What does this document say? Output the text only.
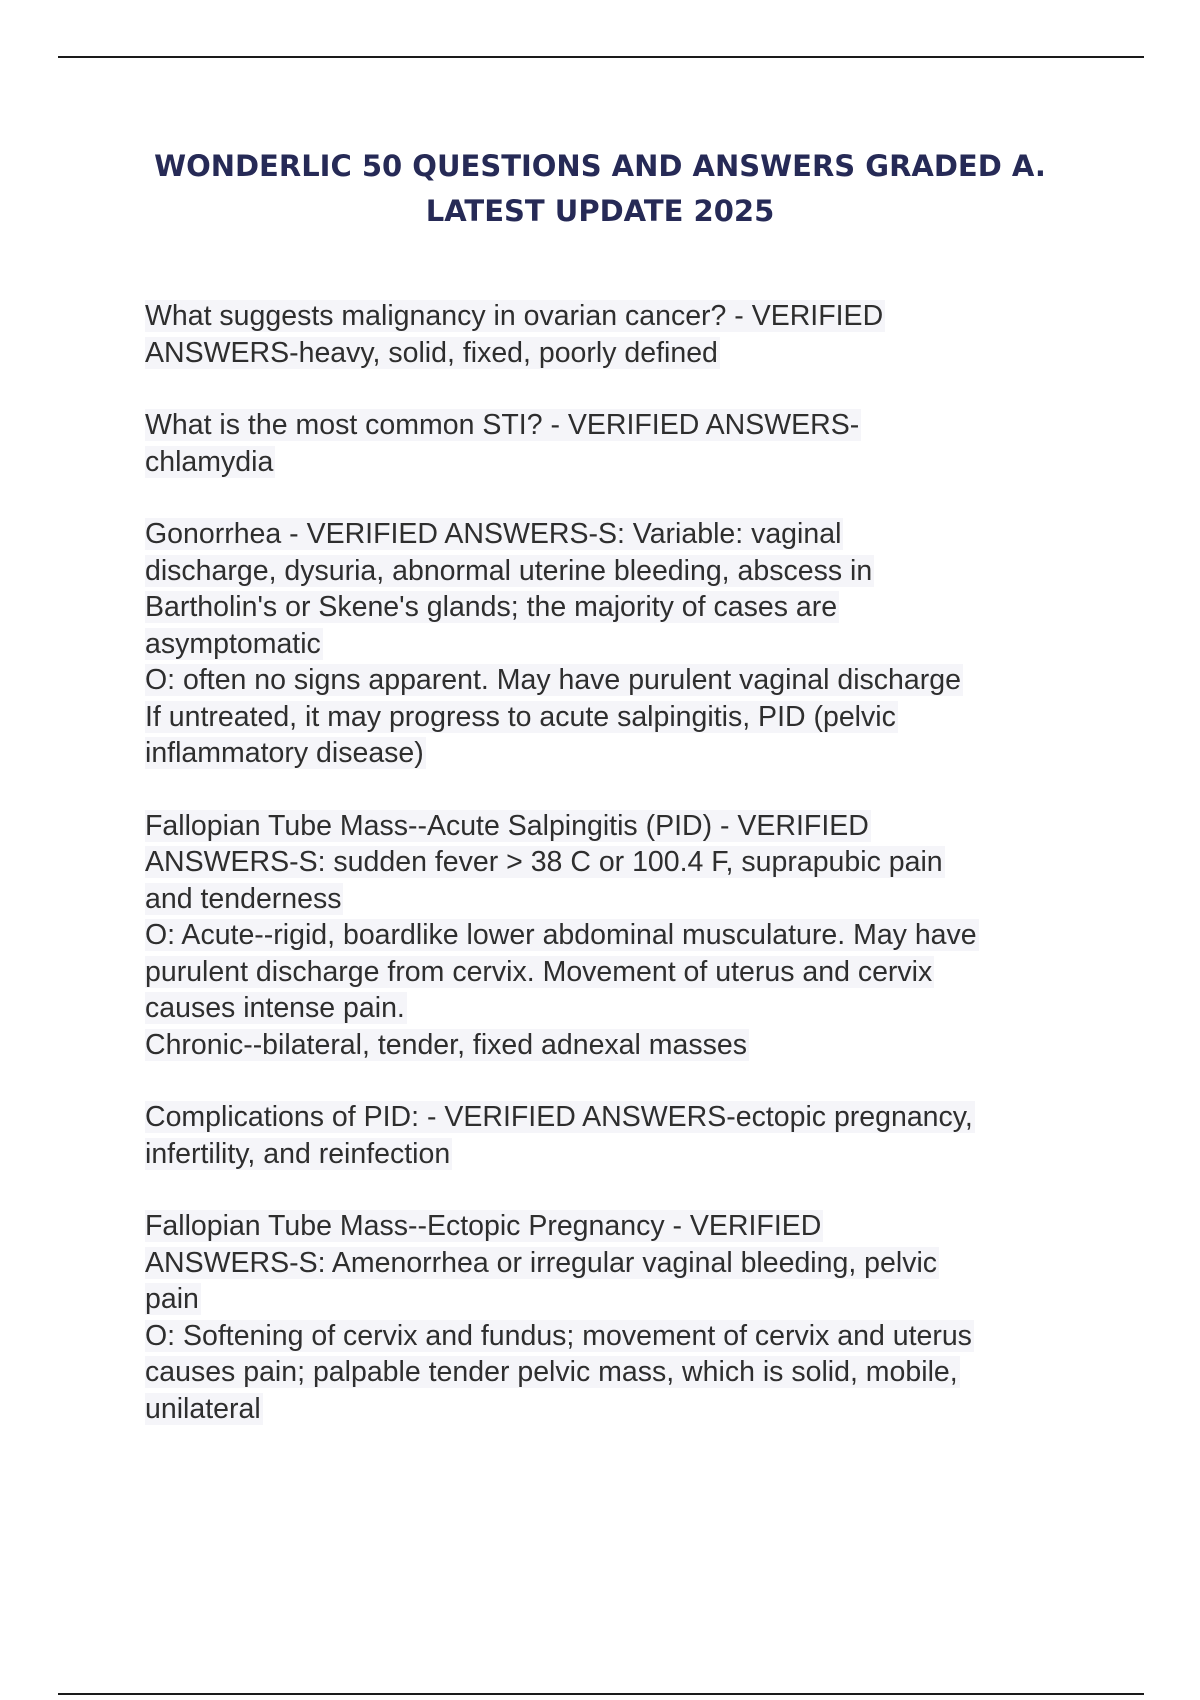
WONDERLIC 50 QUESTIONS AND ANSWERS GRADED A.
LATEST UPDATE 2025
What suggests malignancy in ovarian cancer? - VERIFIED
ANSWERS-heavy, solid, fixed, poorly defined
What is the most common STI? - VERIFIED ANSWERS-
chlamydia
Gonorrhea - VERIFIED ANSWERS-S: Variable: vaginal
discharge, dysuria, abnormal uterine bleeding, abscess in
Bartholin's or Skene's glands; the majority of cases are
asymptomatic
O: often no signs apparent. May have purulent vaginal discharge
If untreated, it may progress to acute salpingitis, PID (pelvic
inflammatory disease)
Fallopian Tube Mass--Acute Salpingitis (PID) - VERIFIED
ANSWERS-S: sudden fever > 38 C or 100.4 F, suprapubic pain
and tenderness
O: Acute--rigid, boardlike lower abdominal musculature. May have
purulent discharge from cervix. Movement of uterus and cervix
causes intense pain.
Chronic--bilateral, tender, fixed adnexal masses
Complications of PID: - VERIFIED ANSWERS-ectopic pregnancy,
infertility, and reinfection
Fallopian Tube Mass--Ectopic Pregnancy - VERIFIED
ANSWERS-S: Amenorrhea or irregular vaginal bleeding, pelvic
pain
O: Softening of cervix and fundus; movement of cervix and uterus
causes pain; palpable tender pelvic mass, which is solid, mobile,
unilateral
